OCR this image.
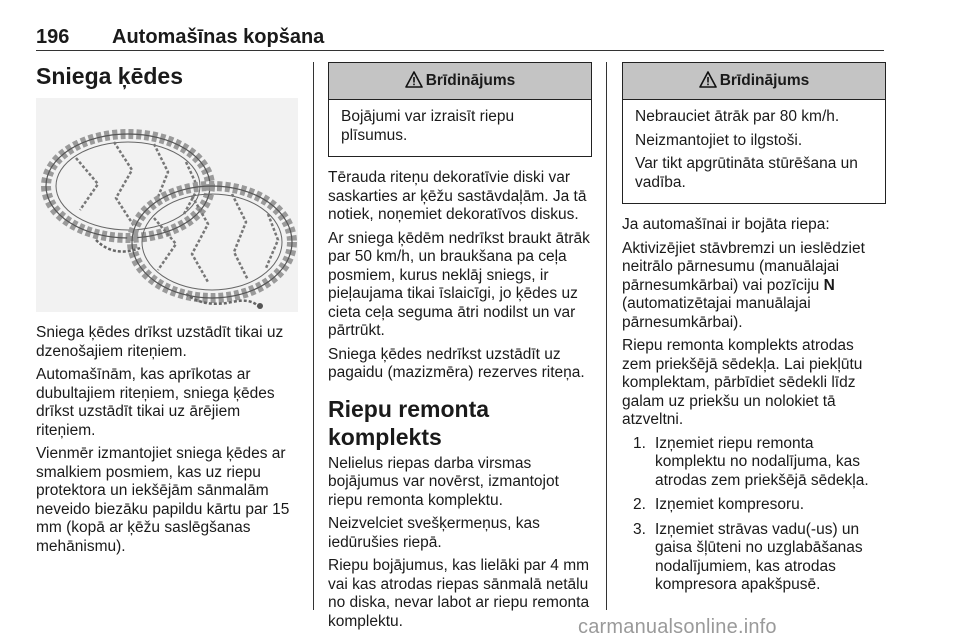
196 Automašīnas kopšana
Sniega ķēdes

Sniega ķēdes drīkst uzstādīt tikai uz dzenošajiem riteņiem.

Automašīnām, kas aprīkotas ar dubultajiem riteņiem, sniega ķēdes drīkst uzstādīt tikai uz ārējiem riteņiem.

Vienmēr izmantojiet sniega ķēdes ar smalkiem posmiem, kas uz riepu protektora un iekšējām sānmalām neveido biezāku papildu kārtu par 15 mm (kopā ar ķēžu saslēgšanas mehānismu).

Brīdinājums

Bojājumi var izraisīt riepu plīsumus.

Tērauda riteņu dekoratīvie diski var saskarties ar ķēžu sastāvdaļām. Ja tā notiek, noņemiet dekoratīvos diskus.

Ar sniega ķēdēm nedrīkst braukt ātrāk par 50 km/h, un braukšana pa ceļa posmiem, kurus neklāj sniegs, ir pieļaujama tikai īslaicīgi, jo ķēdes uz cieta ceļa seguma ātri nodilst un var pārtrūkt.

Sniega ķēdes nedrīkst uzstādīt uz pagaidu (mazizmēra) rezerves riteņa.

Riepu remonta komplekts

Nelielus riepas darba virsmas bojājumus var novērst, izmantojot riepu remonta komplektu.

Neizvelciet svešķermeņus, kas iedūrušies riepā.

Riepu bojājumus, kas lielāki par 4 mm vai kas atrodas riepas sānmalā netālu no diska, nevar labot ar riepu remonta komplektu.

Brīdinājums

Nebrauciet ātrāk par 80 km/h.

Neizmantojiet to ilgstoši.

Var tikt apgrūtināta stūrēšana un vadība.

Ja automašīnai ir bojāta riepa:

Aktivizējiet stāvbremzi un ieslēdziet neitrālo pārnesumu (manuālajai pārnesumkārbai) vai pozīciju N (automatizētajai manuālajai pārnesumkārbai).

Riepu remonta komplekts atrodas zem priekšējā sēdekļa. Lai piekļūtu komplektam, pārbīdiet sēdekli līdz galam uz priekšu un nolokiet tā atzveltni.

1. Izņemiet riepu remonta komplektu no nodalījuma, kas atrodas zem priekšējā sēdekļa.
2. Izņemiet kompresoru.
3. Izņemiet strāvas vadu(-us) un gaisa šļūteni no uzglabāšanas nodalījumiem, kas atrodas kompresora apakšpusē.
carmanualsonline.info
